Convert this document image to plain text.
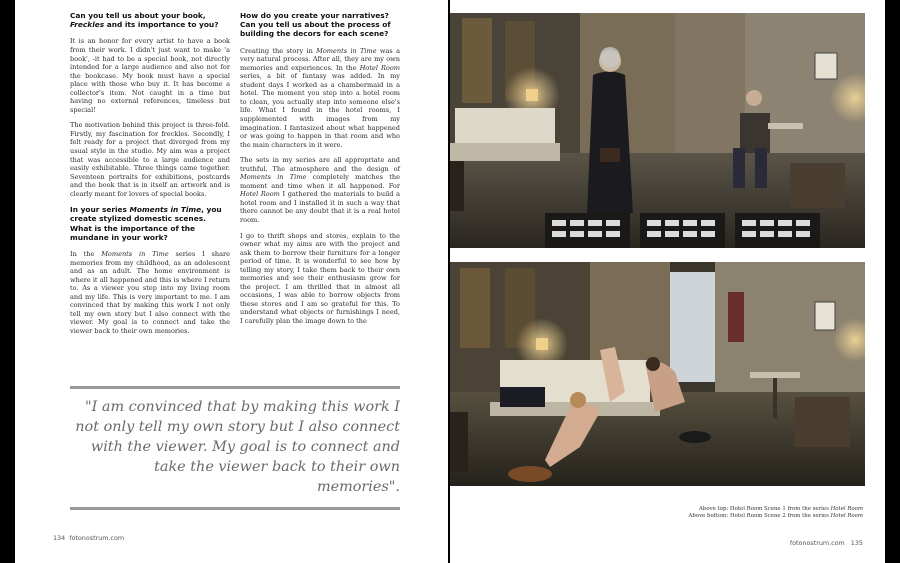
Can you tell us about your book, Freckles and its importance to you?

It is an honor for every artist to have a book from their work. I didn't just want to make 'a book', -it had to be a special book, not directly intended for a large audience and also not for the bookcase. My book must have a special place with those who buy it. It has become a collector's item. Not caught in a time but having no external references, timeless but special!

The motivation behind this project is three-fold. Firstly, my fascination for freckles. Secondly, I felt ready for a project that diverged from my usual style in the studio. My aim was a project that was accessible to a large audience and easily exhibitable. Three things came together. Seventeen portraits for exhibitions, postcards and the book that is in itself an artwork and is clearly meant for lovers of special books.

In your series Moments in Time, you create stylized domestic scenes. What is the importance of the mundane in your work?

In the Moments in Time series I share memories from my childhood, as an adolescent and as an adult. The home environment is where it all happened and this is where I return to. As a viewer you step into my living room and my life. This is very important to me. I am convinced that by making this work I not only tell my own story but I also connect with the viewer. My goal is to connect and take the viewer back to their own memories.

How do you create your narratives? Can you tell us about the process of building the decors for each scene?

Creating the story in Moments in Time was a very natural process. After all, they are my own memories and experiences. In the Hotel Room series, a bit of fantasy was added. In my student days I worked as a chambermaid in a hotel. The moment you step into a hotel room to clean, you actually step into someone else's life. What I found in the hotel rooms, I supplemented with images from my imagination. I fantasized about what happened or was going to happen in that room and who the main characters in it were.

The sets in my series are all appropriate and truthful. The atmosphere and the design of Moments in Time completely matches the moment and time when it all happened. For Hotel Room I gathered the materials to build a hotel room and I installed it in such a way that there cannot be any doubt that it is a real hotel room.

I go to thrift shops and stores, explain to the owner what my aims are with the project and ask them to borrow their furniture for a longer period of time. It is wonderful to see how by telling my story, I take them back to their own memories and see their enthusiasm grow for the project. I am thrilled that in almost all occasions, I was able to borrow objects from these stores and I am so grateful for this. To understand what objects or furnishings I need, I carefully plan the image down to the

"I am convinced that by making this work I not only tell my own story but I also connect with the viewer. My goal is to connect and take the viewer back to their own memories".

134 fotonostrum.com
Above top: Hotel Room Scene 1 from the series Hotel Room
Above bottom: Hotel Room Scene 2 from the series Hotel Room
fotonostrum.com 135
